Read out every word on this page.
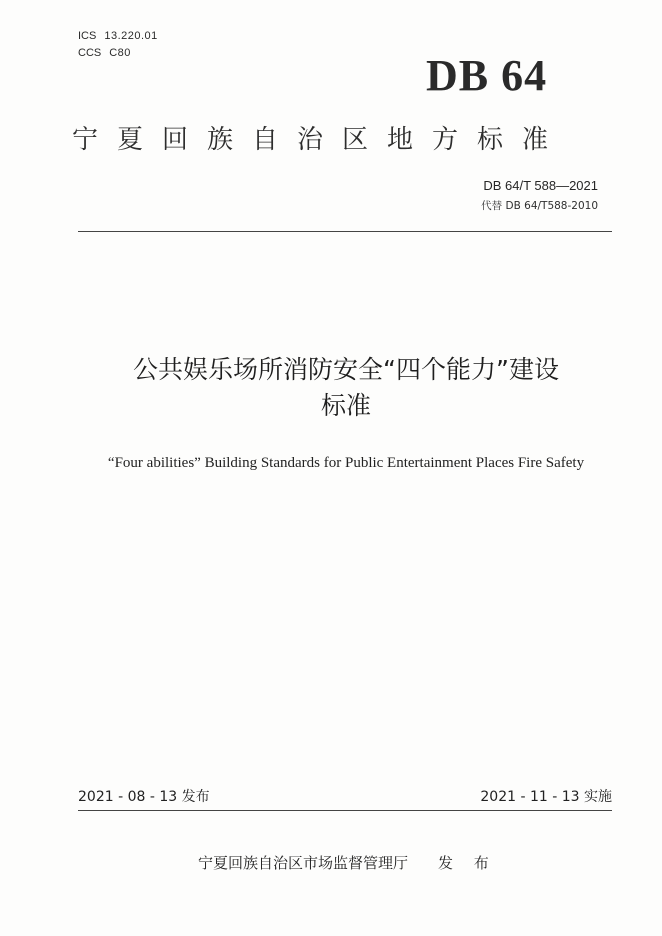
ICS 13.220.01
CCS C80	DB 64
宁夏回族自治区地方标准
DB 64/T 588—2021
代替 DB 64/T588-2010
公共娱乐场所消防安全“四个能力”建设
标准
“Four abilities” Building Standards for Public Entertainment Places Fire Safety
2021 - 08 - 13 发布	2021 - 11 - 13 实施
宁夏回族自治区市场监督管理厅 发 布
